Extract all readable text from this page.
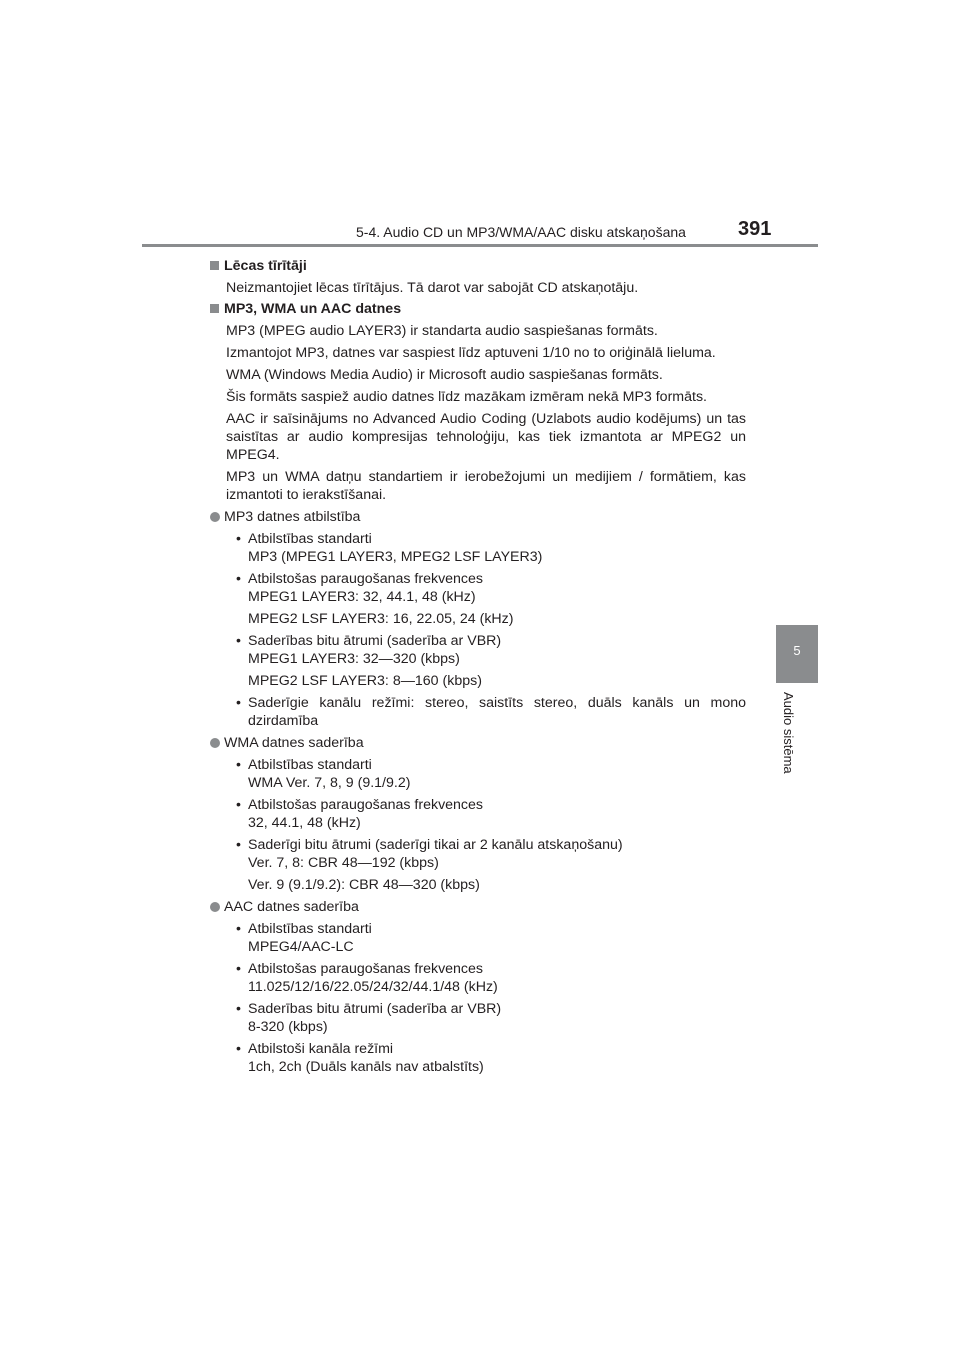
5-4. Audio CD un MP3/WMA/AAC disku atskaņošana	391
5
Audio sistēma
Lēcas tīrītāji
Neizmantojiet lēcas tīrītājus. Tā darot var sabojāt CD atskaņotāju.
MP3, WMA un AAC datnes
MP3 (MPEG audio LAYER3) ir standarta audio saspiešanas formāts.
Izmantojot MP3, datnes var saspiest līdz aptuveni 1/10 no to oriģinālā lieluma.
WMA (Windows Media Audio) ir Microsoft audio saspiešanas formāts.
Šis formāts saspiež audio datnes līdz mazākam izmēram nekā MP3 formāts.
AAC ir saīsinājums no Advanced Audio Coding (Uzlabots audio kodējums) un tas saistītas ar audio kompresijas tehnoloģiju, kas tiek izmantota ar MPEG2 un MPEG4.
MP3 un WMA datņu standartiem ir ierobežojumi un medijiem / formātiem, kas izmantoti to ierakstīšanai.
MP3 datnes atbilstība
• Atbilstības standarti
MP3 (MPEG1 LAYER3, MPEG2 LSF LAYER3)
• Atbilstošas paraugošanas frekvences
MPEG1 LAYER3: 32, 44.1, 48 (kHz)
MPEG2 LSF LAYER3: 16, 22.05, 24 (kHz)
• Saderības bitu ātrumi (saderība ar VBR)
MPEG1 LAYER3: 32—320 (kbps)
MPEG2 LSF LAYER3: 8—160 (kbps)
• Saderīgie kanālu režīmi: stereo, saistīts stereo, duāls kanāls un mono dzirdamība
WMA datnes saderība
• Atbilstības standarti
WMA Ver. 7, 8, 9 (9.1/9.2)
• Atbilstošas paraugošanas frekvences
32, 44.1, 48 (kHz)
• Saderīgi bitu ātrumi (saderīgi tikai ar 2 kanālu atskaņošanu)
Ver. 7, 8: CBR 48—192 (kbps)
Ver. 9 (9.1/9.2): CBR 48—320 (kbps)
AAC datnes saderība
• Atbilstības standarti
MPEG4/AAC-LC
• Atbilstošas paraugošanas frekvences
11.025/12/16/22.05/24/32/44.1/48 (kHz)
• Saderības bitu ātrumi (saderība ar VBR)
8-320 (kbps)
• Atbilstoši kanāla režīmi
1ch, 2ch (Duāls kanāls nav atbalstīts)
